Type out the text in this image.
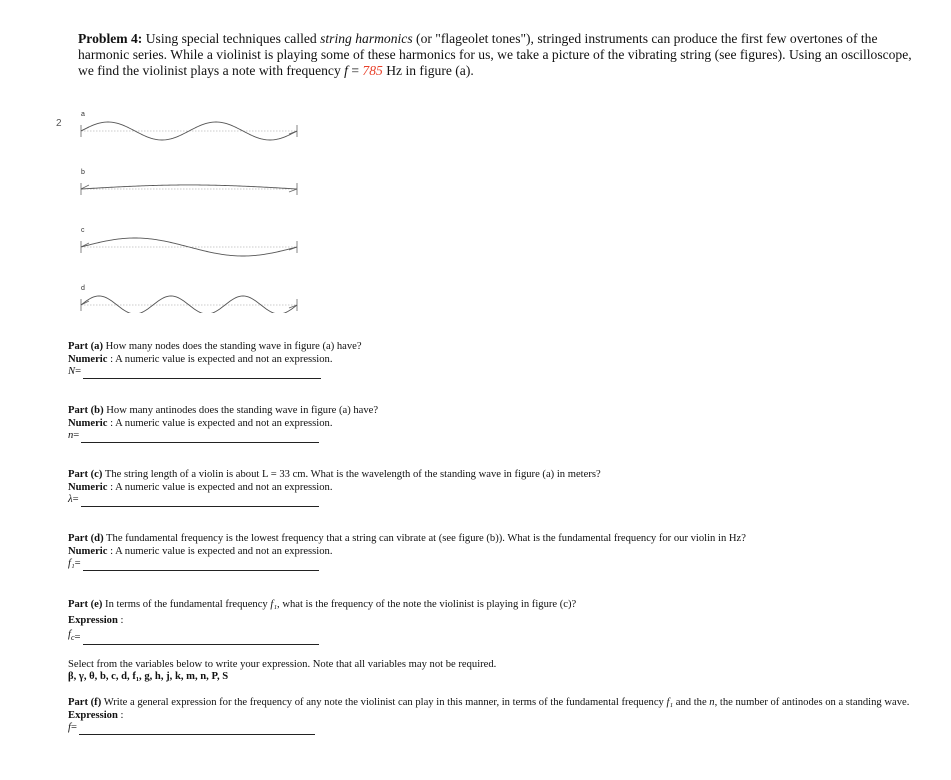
Problem 4: Using special techniques called string harmonics (or "flageolet tones"), stringed instruments can produce the first few overtones of the harmonic series. While a violinist is playing some of these harmonics for us, we take a picture of the vibrating string (see figures). Using an oscilloscope, we find the violinist plays a note with frequency f = 785 Hz in figure (a).
2
a
b
c
d
Part (a) How many nodes does the standing wave in figure (a) have?
Numeric : A numeric value is expected and not an expression.
N =
Part (b) How many antinodes does the standing wave in figure (a) have?
Numeric : A numeric value is expected and not an expression.
n =
Part (c) The string length of a violin is about L = 33 cm. What is the wavelength of the standing wave in figure (a) in meters?
Numeric : A numeric value is expected and not an expression.
λ =
Part (d) The fundamental frequency is the lowest frequency that a string can vibrate at (see figure (b)). What is the fundamental frequency for our violin in Hz?
Numeric : A numeric value is expected and not an expression.
f₁ =
Part (e) In terms of the fundamental frequency f₁, what is the frequency of the note the violinist is playing in figure (c)?
Expression :
$f_c$ =
Select from the variables below to write your expression. Note that all variables may not be required.
β, γ, θ, b, c, d, f₁, g, h, j, k, m, n, P, S
Part (f) Write a general expression for the frequency of any note the violinist can play in this manner, in terms of the fundamental frequency f₁ and the n, the number of antinodes on a standing wave.
Expression :
f =
